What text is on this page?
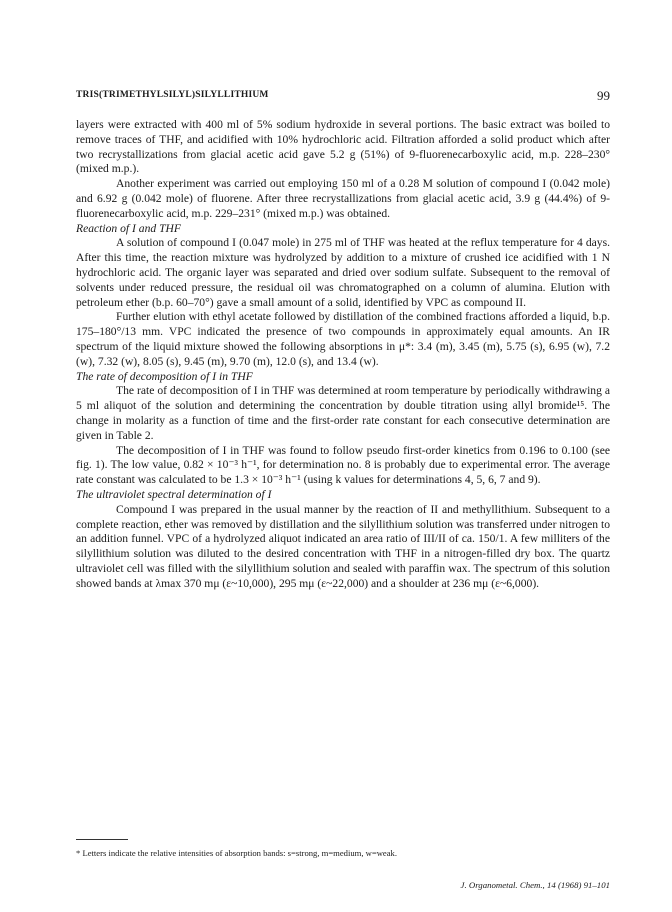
TRIS(TRIMETHYLSILYL)SILYLLITHIUM	99

layers were extracted with 400 ml of 5% sodium hydroxide in several portions. The basic extract was boiled to remove traces of THF, and acidified with 10% hydrochloric acid. Filtration afforded a solid product which after two recrystallizations from glacial acetic acid gave 5.2 g (51%) of 9-fluorenecarboxylic acid, m.p. 228–230° (mixed m.p.).

Another experiment was carried out employing 150 ml of a 0.28 M solution of compound I (0.042 mole) and 6.92 g (0.042 mole) of fluorene. After three recrystallizations from glacial acetic acid, 3.9 g (44.4%) of 9-fluorenecarboxylic acid, m.p. 229–231° (mixed m.p.) was obtained.

Reaction of I and THF

A solution of compound I (0.047 mole) in 275 ml of THF was heated at the reflux temperature for 4 days. After this time, the reaction mixture was hydrolyzed by addition to a mixture of crushed ice acidified with 1 N hydrochloric acid. The organic layer was separated and dried over sodium sulfate. Subsequent to the removal of solvents under reduced pressure, the residual oil was chromatographed on a column of alumina. Elution with petroleum ether (b.p. 60–70°) gave a small amount of a solid, identified by VPC as compound II.

Further elution with ethyl acetate followed by distillation of the combined fractions afforded a liquid, b.p. 175–180°/13 mm. VPC indicated the presence of two compounds in approximately equal amounts. An IR spectrum of the liquid mixture showed the following absorptions in μ*: 3.4 (m), 3.45 (m), 5.75 (s), 6.95 (w), 7.2 (w), 7.32 (w), 8.05 (s), 9.45 (m), 9.70 (m), 12.0 (s), and 13.4 (w).

The rate of decomposition of I in THF

The rate of decomposition of I in THF was determined at room temperature by periodically withdrawing a 5 ml aliquot of the solution and determining the concentration by double titration using allyl bromide¹⁵. The change in molarity as a function of time and the first-order rate constant for each consecutive determination are given in Table 2.

The decomposition of I in THF was found to follow pseudo first-order kinetics from 0.196 to 0.100 (see fig. 1). The low value, 0.82 × 10⁻³ h⁻¹, for determination no. 8 is probably due to experimental error. The average rate constant was calculated to be 1.3 × 10⁻³ h⁻¹ (using k values for determinations 4, 5, 6, 7 and 9).

The ultraviolet spectral determination of I

Compound I was prepared in the usual manner by the reaction of II and methyllithium. Subsequent to a complete reaction, ether was removed by distillation and the silyllithium solution was transferred under nitrogen to an addition funnel. VPC of a hydrolyzed aliquot indicated an area ratio of III/II of ca. 150/1. A few milliters of the silyllithium solution was diluted to the desired concentration with THF in a nitrogen-filled dry box. The quartz ultraviolet cell was filled with the silyllithium solution and sealed with paraffin wax. The spectrum of this solution showed bands at λmax 370 mμ (ε~10,000), 295 mμ (ε~22,000) and a shoulder at 236 mμ (ε~6,000).

* Letters indicate the relative intensities of absorption bands: s=strong, m=medium, w=weak.
J. Organometal. Chem., 14 (1968) 91–101
